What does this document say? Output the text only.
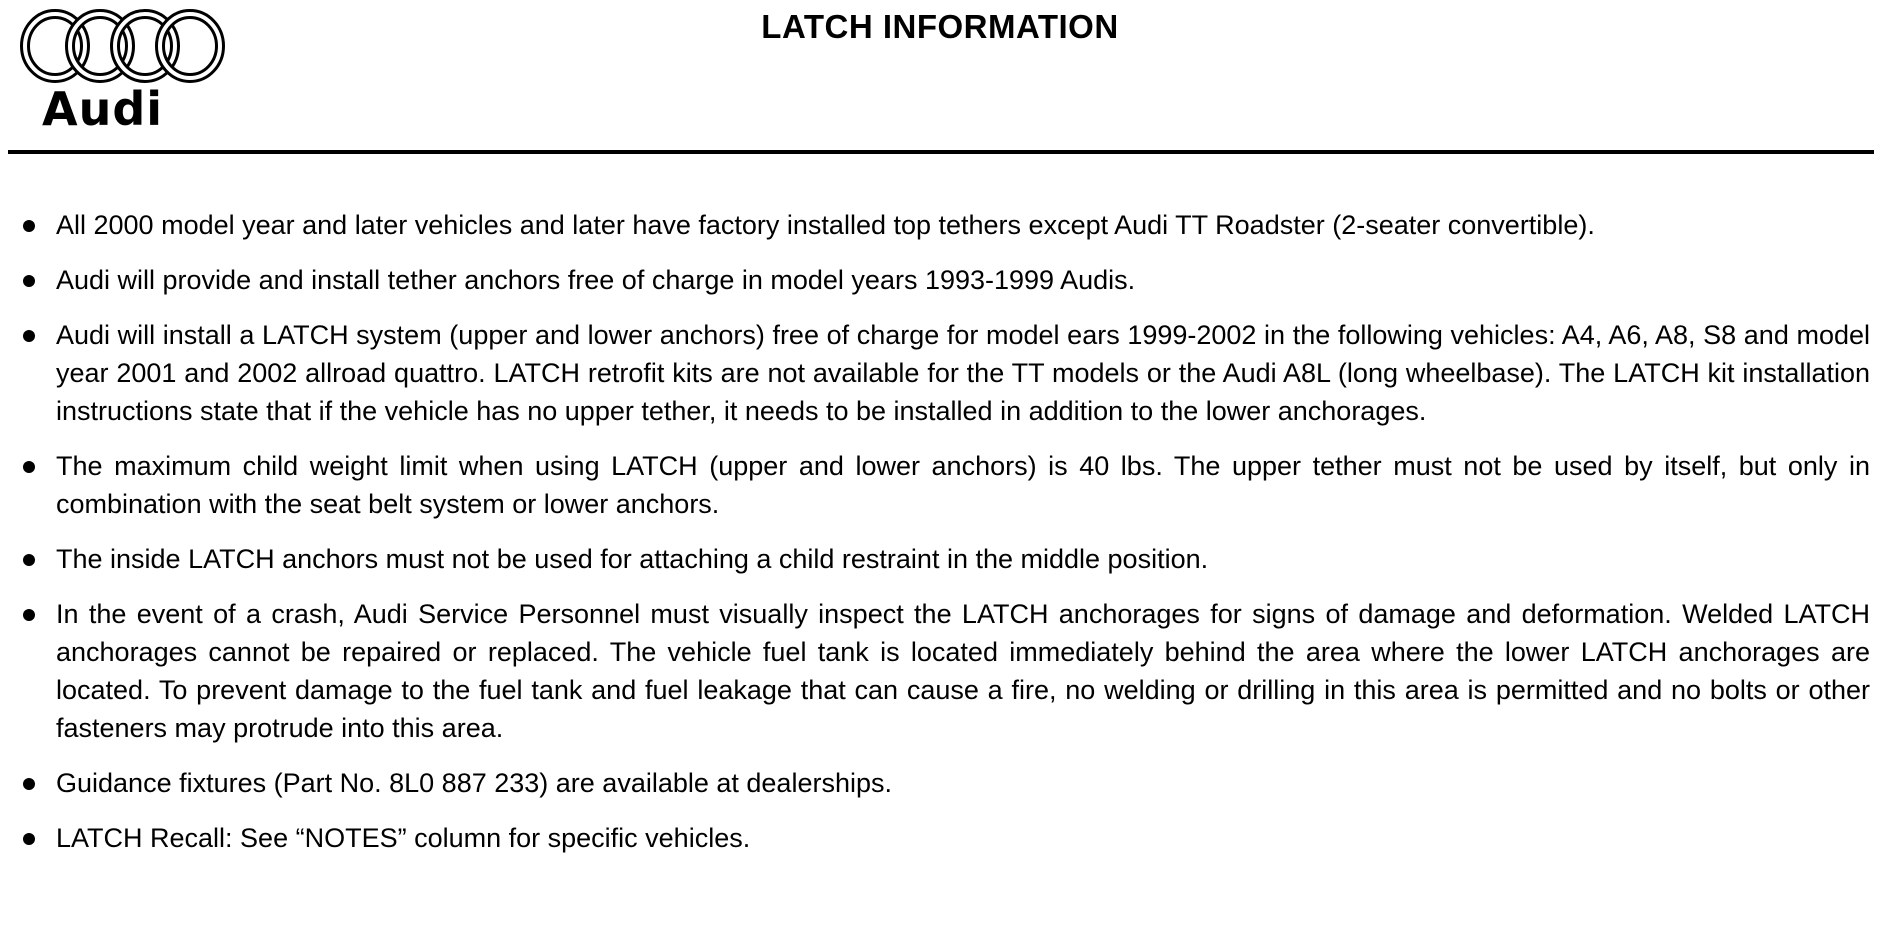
Audi
LATCH INFORMATION
All 2000 model year and later vehicles and later have factory installed top tethers except Audi TT Roadster (2-seater convertible).
Audi will provide and install tether anchors free of charge in model years 1993-1999 Audis.
Audi will install a LATCH system (upper and lower anchors) free of charge for model ears 1999-2002 in the following vehicles: A4, A6, A8, S8 and model year 2001 and 2002 allroad quattro. LATCH retrofit kits are not available for the TT models or the Audi A8L (long wheelbase). The LATCH kit installation instructions state that if the vehicle has no upper tether, it needs to be installed in addition to the lower anchorages.
The maximum child weight limit when using LATCH (upper and lower anchors) is 40 lbs. The upper tether must not be used by itself, but only in combination with the seat belt system or lower anchors.
The inside LATCH anchors must not be used for attaching a child restraint in the middle position.
In the event of a crash, Audi Service Personnel must visually inspect the LATCH anchorages for signs of damage and deformation. Welded LATCH anchorages cannot be repaired or replaced. The vehicle fuel tank is located immediately behind the area where the lower LATCH anchorages are located. To prevent damage to the fuel tank and fuel leakage that can cause a fire, no welding or drilling in this area is permitted and no bolts or other fasteners may protrude into this area.
Guidance fixtures (Part No. 8L0 887 233) are available at dealerships.
LATCH Recall: See “NOTES” column for specific vehicles.
